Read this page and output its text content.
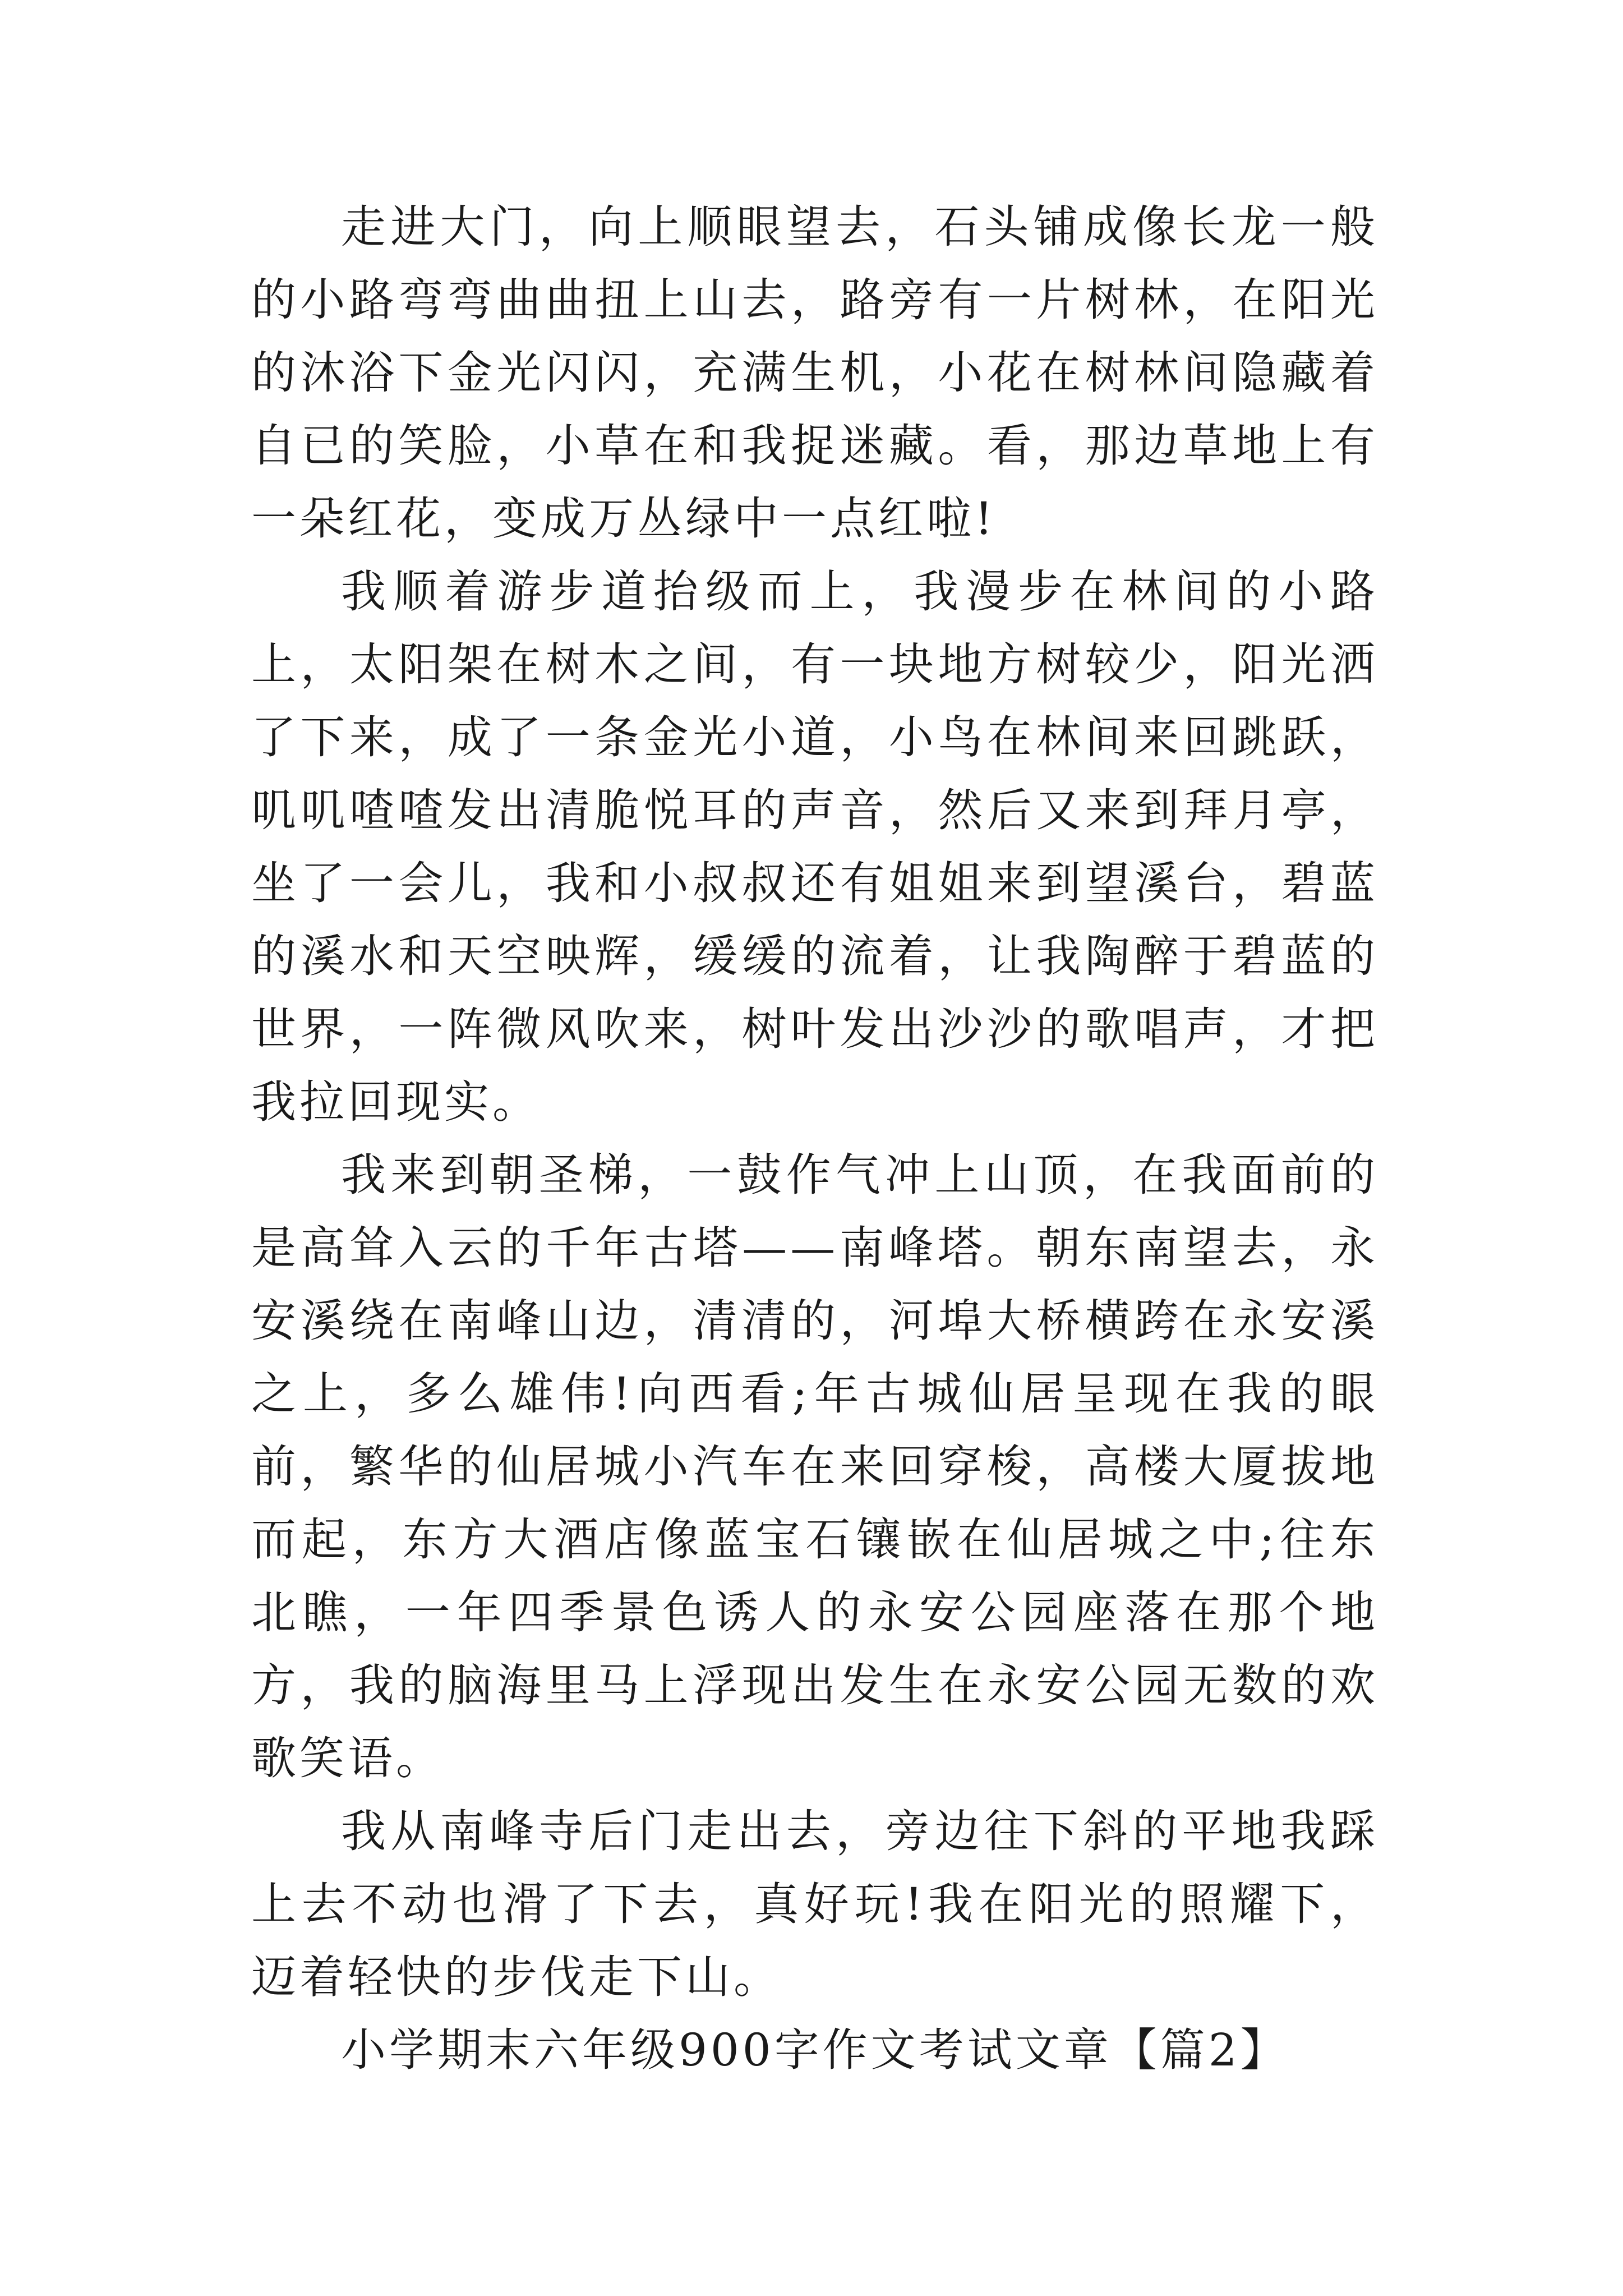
走进大门，向上顺眼望去，石头铺成像长龙一般的小路弯弯曲曲扭上山去，路旁有一片树林，在阳光的沐浴下金光闪闪，充满生机，小花在树林间隐藏着自已的笑脸，小草在和我捉迷藏。看，那边草地上有一朵红花，变成万丛绿中一点红啦!

我顺着游步道抬级而上，我漫步在林间的小路上，太阳架在树木之间，有一块地方树较少，阳光洒了下来，成了一条金光小道，小鸟在林间来回跳跃，叽叽喳喳发出清脆悦耳的声音，然后又来到拜月亭，坐了一会儿，我和小叔叔还有姐姐来到望溪台，碧蓝的溪水和天空映辉，缓缓的流着，让我陶醉于碧蓝的世界，一阵微风吹来，树叶发出沙沙的歌唱声，才把我拉回现实。

我来到朝圣梯，一鼓作气冲上山顶，在我面前的是高耸入云的千年古塔——南峰塔。朝东南望去，永安溪绕在南峰山边，清清的，河埠大桥横跨在永安溪之上，多么雄伟!向西看;年古城仙居呈现在我的眼前，繁华的仙居城小汽车在来回穿梭，高楼大厦拔地而起，东方大酒店像蓝宝石镶嵌在仙居城之中;往东北瞧，一年四季景色诱人的永安公园座落在那个地方，我的脑海里马上浮现出发生在永安公园无数的欢歌笑语。

我从南峰寺后门走出去，旁边往下斜的平地我踩上去不动也滑了下去，真好玩!我在阳光的照耀下，迈着轻快的步伐走下山。

小学期末六年级900字作文考试文章【篇2】
